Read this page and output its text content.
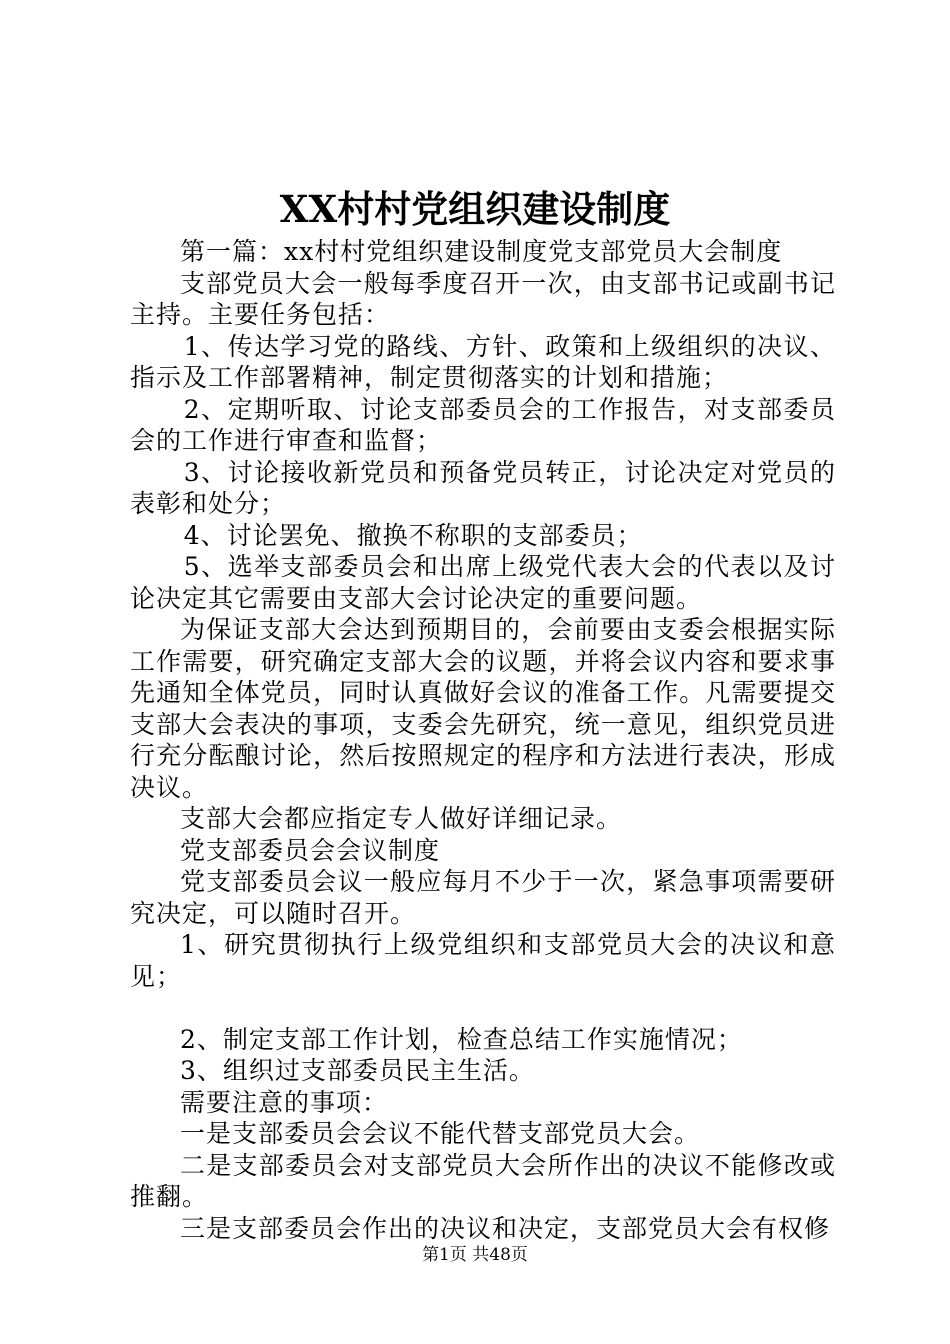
XX村村党组织建设制度

第一篇：xx村村党组织建设制度党支部党员大会制度

支部党员大会一般每季度召开一次，由支部书记或副书记主持。主要任务包括：

1、传达学习党的路线、方针、政策和上级组织的决议、指示及工作部署精神，制定贯彻落实的计划和措施；

2、定期听取、讨论支部委员会的工作报告，对支部委员会的工作进行审查和监督；

3、讨论接收新党员和预备党员转正，讨论决定对党员的表彰和处分；

4、讨论罢免、撤换不称职的支部委员；

5、选举支部委员会和出席上级党代表大会的代表以及讨论决定其它需要由支部大会讨论决定的重要问题。

为保证支部大会达到预期目的，会前要由支委会根据实际工作需要，研究确定支部大会的议题，并将会议内容和要求事先通知全体党员，同时认真做好会议的准备工作。凡需要提交支部大会表决的事项，支委会先研究，统一意见，组织党员进行充分酝酿讨论，然后按照规定的程序和方法进行表决，形成决议。

支部大会都应指定专人做好详细记录。

党支部委员会会议制度

党支部委员会议一般应每月不少于一次，紧急事项需要研究决定，可以随时召开。

1、研究贯彻执行上级党组织和支部党员大会的决议和意见；

2、制定支部工作计划，检查总结工作实施情况；

3、组织过支部委员民主生活。

需要注意的事项：

一是支部委员会会议不能代替支部党员大会。

二是支部委员会对支部党员大会所作出的决议不能修改或推翻。

三是支部委员会作出的决议和决定，支部党员大会有权修

第1页 共48页
